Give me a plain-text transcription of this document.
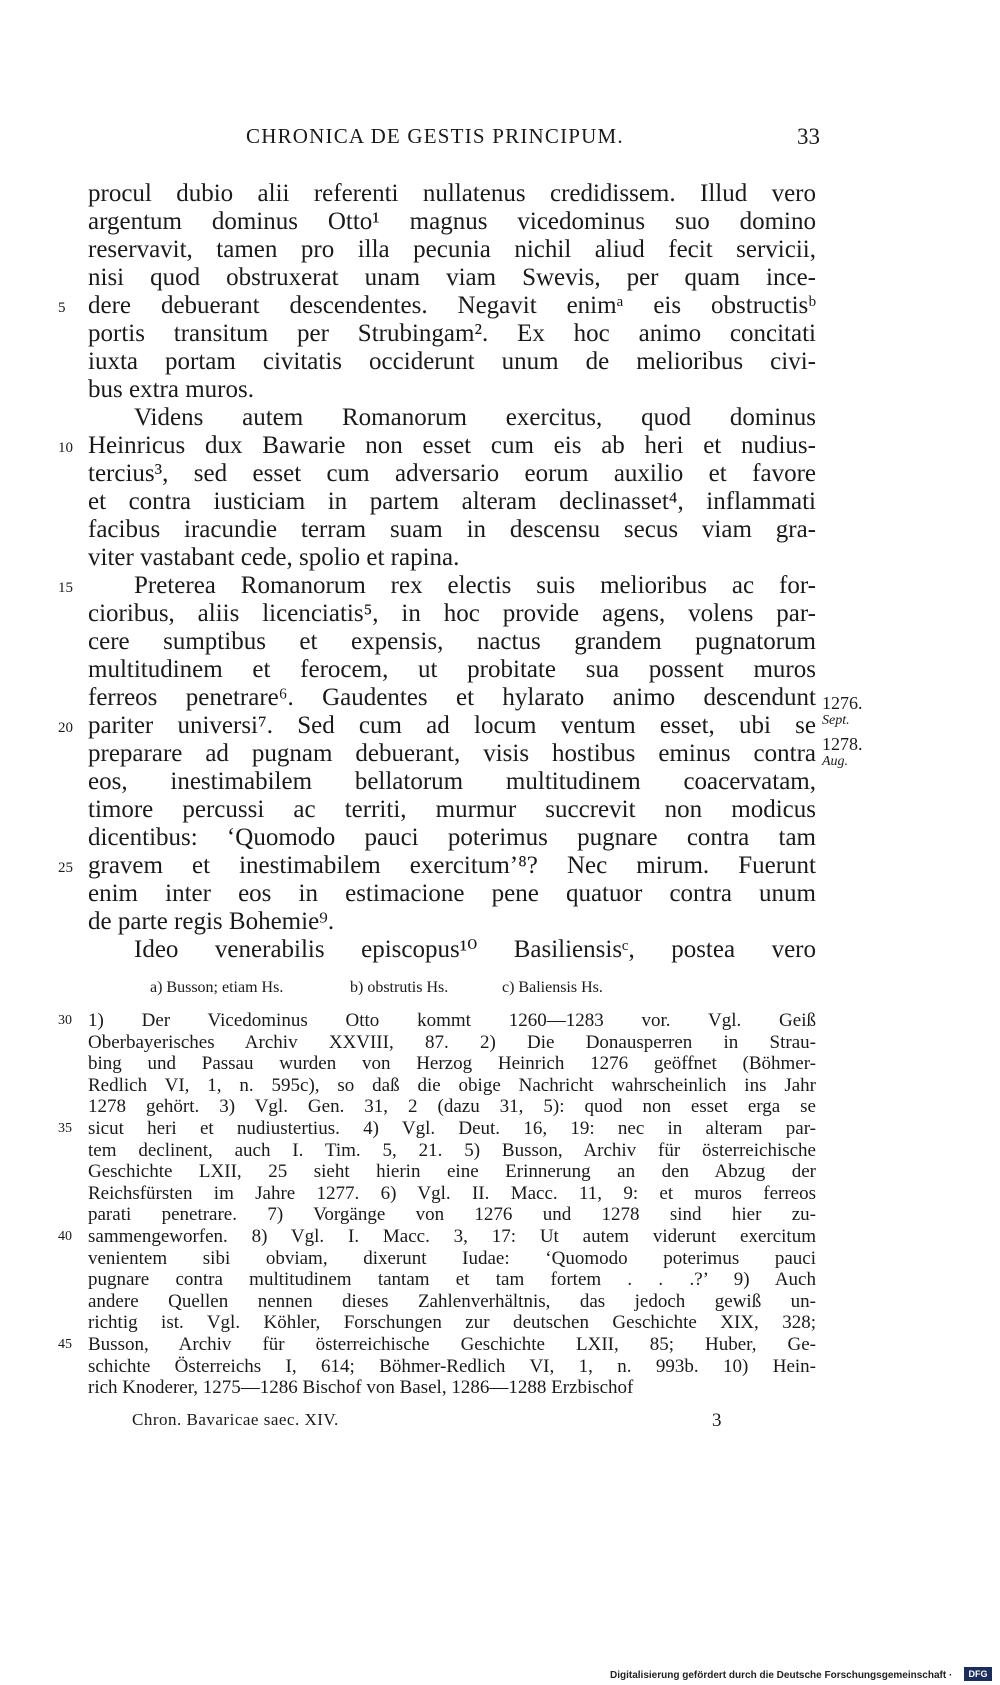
CHRONICA DE GESTIS PRINCIPUM.	33
procul dubio alii referenti nullatenus credidissem. Illud vero
argentum dominus Otto¹ magnus vicedominus suo domino
reservavit, tamen pro illa pecunia nichil aliud fecit servicii,
nisi quod obstruxerat unam viam Swevis, per quam ince-
dere debuerant descendentes. Negavit enimᵃ eis obstructisᵇ
5
portis transitum per Strubingam². Ex hoc animo concitati
iuxta portam civitatis occiderunt unum de melioribus civi-
bus extra muros.
Videns autem Romanorum exercitus, quod dominus
Heinricus dux Bawarie non esset cum eis ab heri et nudius-
10
tercius³, sed esset cum adversario eorum auxilio et favore
et contra iusticiam in partem alteram declinasset⁴, inflammati
facibus iracundie terram suam in descensu secus viam gra-
viter vastabant cede, spolio et rapina.
Preterea Romanorum rex electis suis melioribus ac for-
15
cioribus, aliis licenciatis⁵, in hoc provide agens, volens par-
cere sumptibus et expensis, nactus grandem pugnatorum
multitudinem et ferocem, ut probitate sua possent muros
ferreos penetrare⁶. Gaudentes et hylarato animo descendunt
pariter universi⁷. Sed cum ad locum ventum esset, ubi se
20
preparare ad pugnam debuerant, visis hostibus eminus contra
eos, inestimabilem bellatorum multitudinem coacervatam,
timore percussi ac territi, murmur succrevit non modicus
dicentibus: ‘Quomodo pauci poterimus pugnare contra tam
gravem et inestimabilem exercitum’⁸? Nec mirum. Fuerunt
25
enim inter eos in estimacione pene quatuor contra unum
de parte regis Bohemie⁹.
Ideo venerabilis episcopus¹⁰ Basiliensisᶜ, postea vero
1276.
Sept.
1278.
Aug.
a) Busson; etiam Hs.	b) obstrutis Hs.	c) Baliensis Hs.
1) Der Vicedominus Otto kommt 1260—1283 vor. Vgl. Geiß
30
Oberbayerisches Archiv XXVIII, 87. 2) Die Donausperren in Strau-
bing und Passau wurden von Herzog Heinrich 1276 geöffnet (Böhmer-
Redlich VI, 1, n. 595c), so daß die obige Nachricht wahrscheinlich ins Jahr
1278 gehört. 3) Vgl. Gen. 31, 2 (dazu 31, 5): quod non esset erga se
sicut heri et nudiustertius. 4) Vgl. Deut. 16, 19: nec in alteram par-
35
tem declinent, auch I. Tim. 5, 21. 5) Busson, Archiv für österreichische
Geschichte LXII, 25 sieht hierin eine Erinnerung an den Abzug der
Reichsfürsten im Jahre 1277. 6) Vgl. II. Macc. 11, 9: et muros ferreos
parati penetrare. 7) Vorgänge von 1276 und 1278 sind hier zu-
sammengeworfen. 8) Vgl. I. Macc. 3, 17: Ut autem viderunt exercitum
40
venientem sibi obviam, dixerunt Iudae: ‘Quomodo poterimus pauci
pugnare contra multitudinem tantam et tam fortem . . .?’ 9) Auch
andere Quellen nennen dieses Zahlenverhältnis, das jedoch gewiß un-
richtig ist. Vgl. Köhler, Forschungen zur deutschen Geschichte XIX, 328;
Busson, Archiv für österreichische Geschichte LXII, 85; Huber, Ge-
45
schichte Österreichs I, 614; Böhmer-Redlich VI, 1, n. 993b. 10) Hein-
rich Knoderer, 1275—1286 Bischof von Basel, 1286—1288 Erzbischof
Chron. Bavaricae saec. XIV.	3
Digitalisierung gefördert durch die Deutsche Forschungsgemeinschaft ·	DFG
